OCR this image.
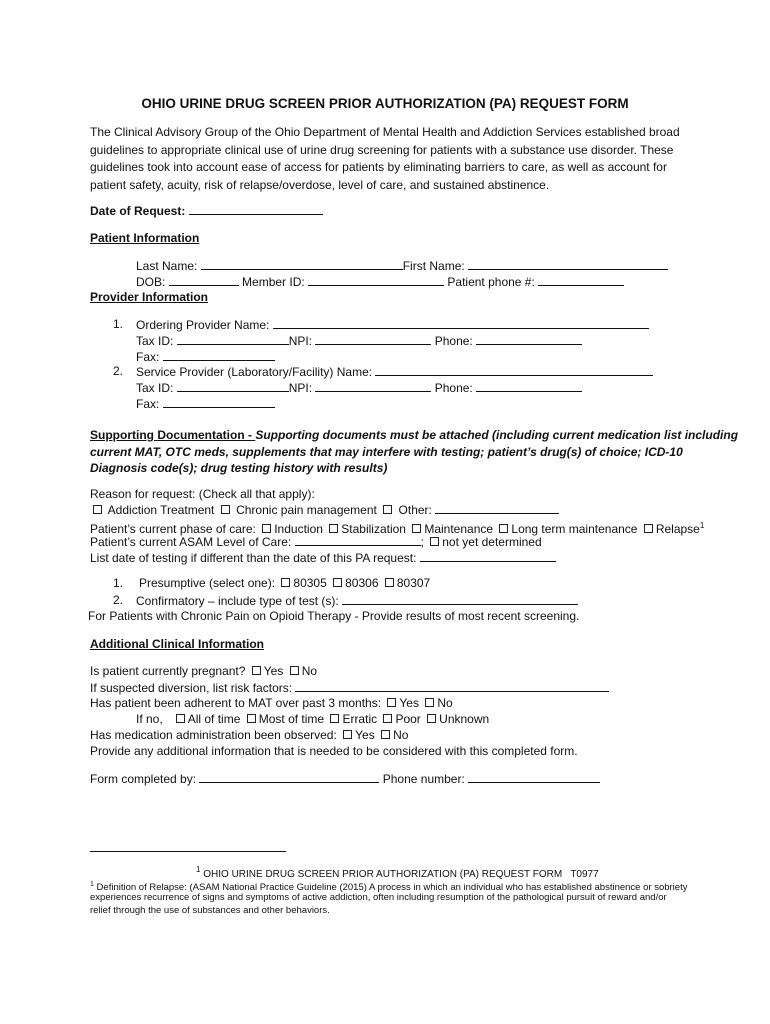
OHIO URINE DRUG SCREEN PRIOR AUTHORIZATION (PA) REQUEST FORM
The Clinical Advisory Group of the Ohio Department of Mental Health and Addiction Services established broad guidelines to appropriate clinical use of urine drug screening for patients with a substance use disorder. These guidelines took into account ease of access for patients by eliminating barriers to care, as well as account for patient safety, acuity, risk of relapse/overdose, level of care, and sustained abstinence.
Date of Request:
Patient Information
Last Name:	First Name:
DOB:	Member ID:	Patient phone #:
Provider Information
1. Ordering Provider Name:
Tax ID:	NPI:	Phone:
Fax:
2. Service Provider (Laboratory/Facility) Name:
Tax ID:	NPI:	Phone:
Fax:
Supporting Documentation - Supporting documents must be attached (including current medication list including
current MAT, OTC meds, supplements that may interfere with testing; patient’s drug(s) of choice; ICD-10
Diagnosis code(s); drug testing history with results)
Reason for request: (Check all that apply):
Addiction Treatment Chronic pain management Other:
Patient’s current phase of care: Induction Stabilization Maintenance Long term maintenance Relapse$^1$
Patient’s current ASAM Level of Care:	; not yet determined
List date of testing if different than the date of this PA request:
1. Presumptive (select one): 80305 80306 80307
2. Confirmatory – include type of test (s):
For Patients with Chronic Pain on Opioid Therapy - Provide results of most recent screening.
Additional Clinical Information
Is patient currently pregnant? Yes No
If suspected diversion, list risk factors:
Has patient been adherent to MAT over past 3 months: Yes No
If no, All of time Most of time Erratic Poor Unknown
Has medication administration been observed: Yes No
Provide any additional information that is needed to be considered with this completed form.
Form completed by:	Phone number:
$^1$ OHIO URINE DRUG SCREEN PRIOR AUTHORIZATION (PA) REQUEST FORM T0977
$^1$ Definition of Relapse: (ASAM National Practice Guideline (2015) A process in which an individual who has established abstinence or sobriety
experiences recurrence of signs and symptoms of active addiction, often including resumption of the pathological pursuit of reward and/or
relief through the use of substances and other behaviors.
